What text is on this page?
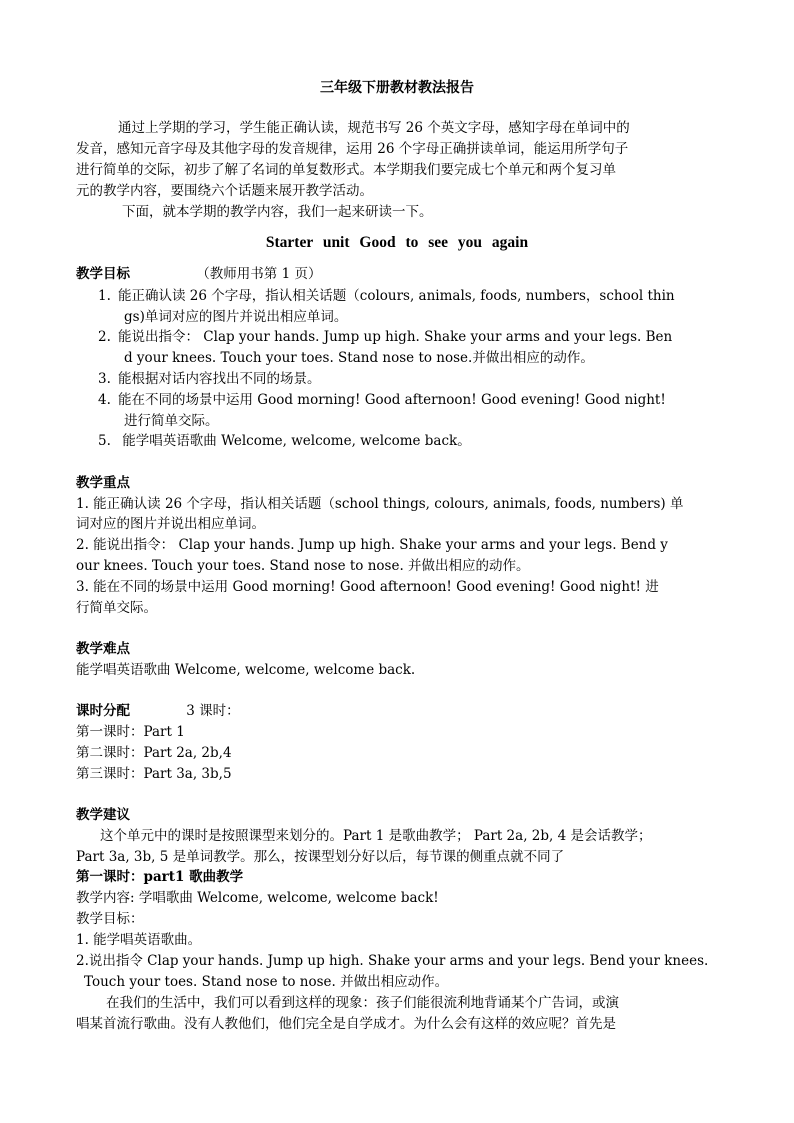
三年级下册教材教法报告
通过上学期的学习，学生能正确认读，规范书写 26 个英文字母，感知字母在单词中的
发音，感知元音字母及其他字母的发音规律，运用 26 个字母正确拼读单词，能运用所学句子
进行简单的交际，初步了解了名词的单复数形式。本学期我们要完成七个单元和两个复习单
元的教学内容，要围绕六个话题来展开教学活动。
下面，就本学期的教学内容，我们一起来研读一下。
Starter unit Good to see you again
教学目标	（教师用书第 1 页）
1. 能正确认读 26 个字母，指认相关话题（colours, animals, foods, numbers，school thin
gs)单词对应的图片并说出相应单词。
2. 能说出指令： Clap your hands. Jump up high. Shake your arms and your legs. Ben
d your knees. Touch your toes. Stand nose to nose.并做出相应的动作。
3. 能根据对话内容找出不同的场景。
4. 能在不同的场景中运用 Good morning! Good afternoon! Good evening! Good night!
进行简单交际。
5. 能学唱英语歌曲 Welcome, welcome, welcome back。
教学重点
1. 能正确认读 26 个字母，指认相关话题（school things, colours, animals, foods, numbers) 单
词对应的图片并说出相应单词。
2. 能说出指令： Clap your hands. Jump up high. Shake your arms and your legs. Bend y
our knees. Touch your toes. Stand nose to nose. 并做出相应的动作。
3. 能在不同的场景中运用 Good morning! Good afternoon! Good evening! Good night! 进
行简单交际。
教学难点
能学唱英语歌曲 Welcome, welcome, welcome back.
课时分配	3 课时：
第一课时：Part 1
第二课时：Part 2a, 2b,4
第三课时：Part 3a, 3b,5
教学建议
这个单元中的课时是按照课型来划分的。Part 1 是歌曲教学； Part 2a, 2b, 4 是会话教学；
Part 3a, 3b, 5 是单词教学。那么，按课型划分好以后，每节课的侧重点就不同了
第一课时：part1 歌曲教学
教学内容: 学唱歌曲 Welcome, welcome, welcome back!
教学目标：
1. 能学唱英语歌曲。
2.说出指令 Clap your hands. Jump up high. Shake your arms and your legs. Bend your knees.
Touch your toes. Stand nose to nose. 并做出相应动作。
在我们的生活中，我们可以看到这样的现象：孩子们能很流利地背诵某个广告词，或演
唱某首流行歌曲。没有人教他们，他们完全是自学成才。为什么会有这样的效应呢？首先是
